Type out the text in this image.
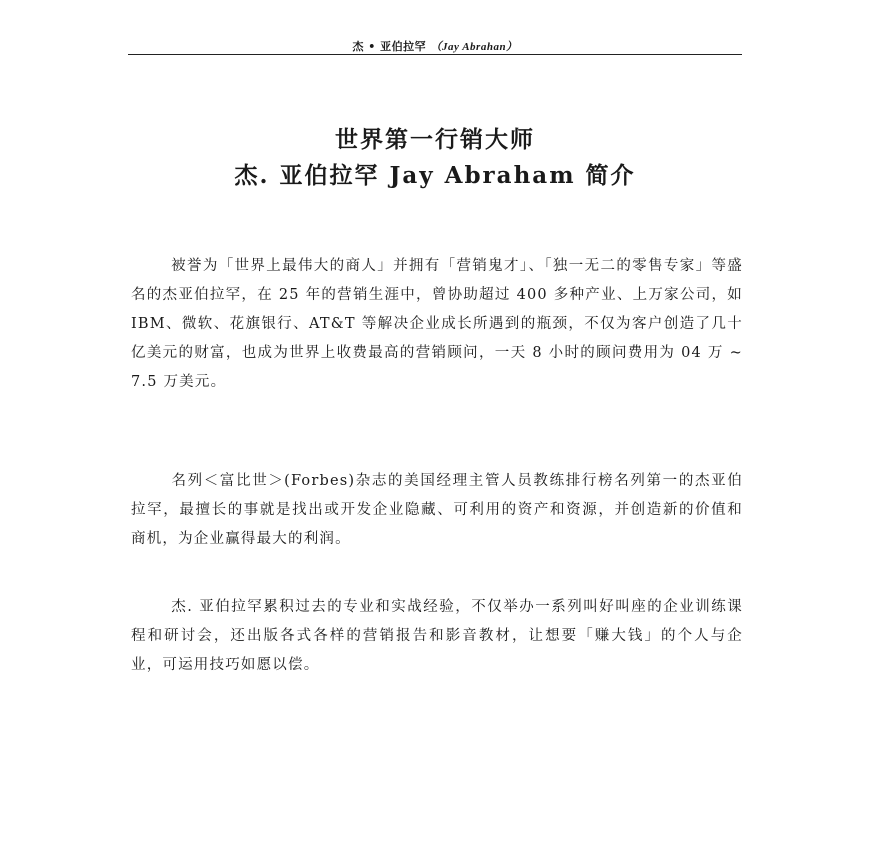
杰 • 亚伯拉罕 （Jay Abrahan）
世界第一行销大师
杰. 亚伯拉罕 Jay Abraham 简介
被誉为「世界上最伟大的商人」并拥有「营销鬼才」、「独一无二的零售专家」等盛名的杰亚伯拉罕，在 25 年的营销生涯中，曾协助超过 400 多种产业、上万家公司，如 IBM、微软、花旗银行、AT&T 等解决企业成长所遇到的瓶颈，不仅为客户创造了几十亿美元的财富，也成为世界上收费最高的营销顾问，一天 8 小时的顾问费用为 04 万 ~ 7.5 万美元。
名列＜富比世＞(Forbes)杂志的美国经理主管人员教练排行榜名列第一的杰亚伯拉罕，最擅长的事就是找出或开发企业隐藏、可利用的资产和资源，并创造新的价值和商机，为企业赢得最大的利润。
杰. 亚伯拉罕累积过去的专业和实战经验，不仅举办一系列叫好叫座的企业训练课程和研讨会，还出版各式各样的营销报告和影音教材，让想要「赚大钱」的个人与企业，可运用技巧如愿以偿。
